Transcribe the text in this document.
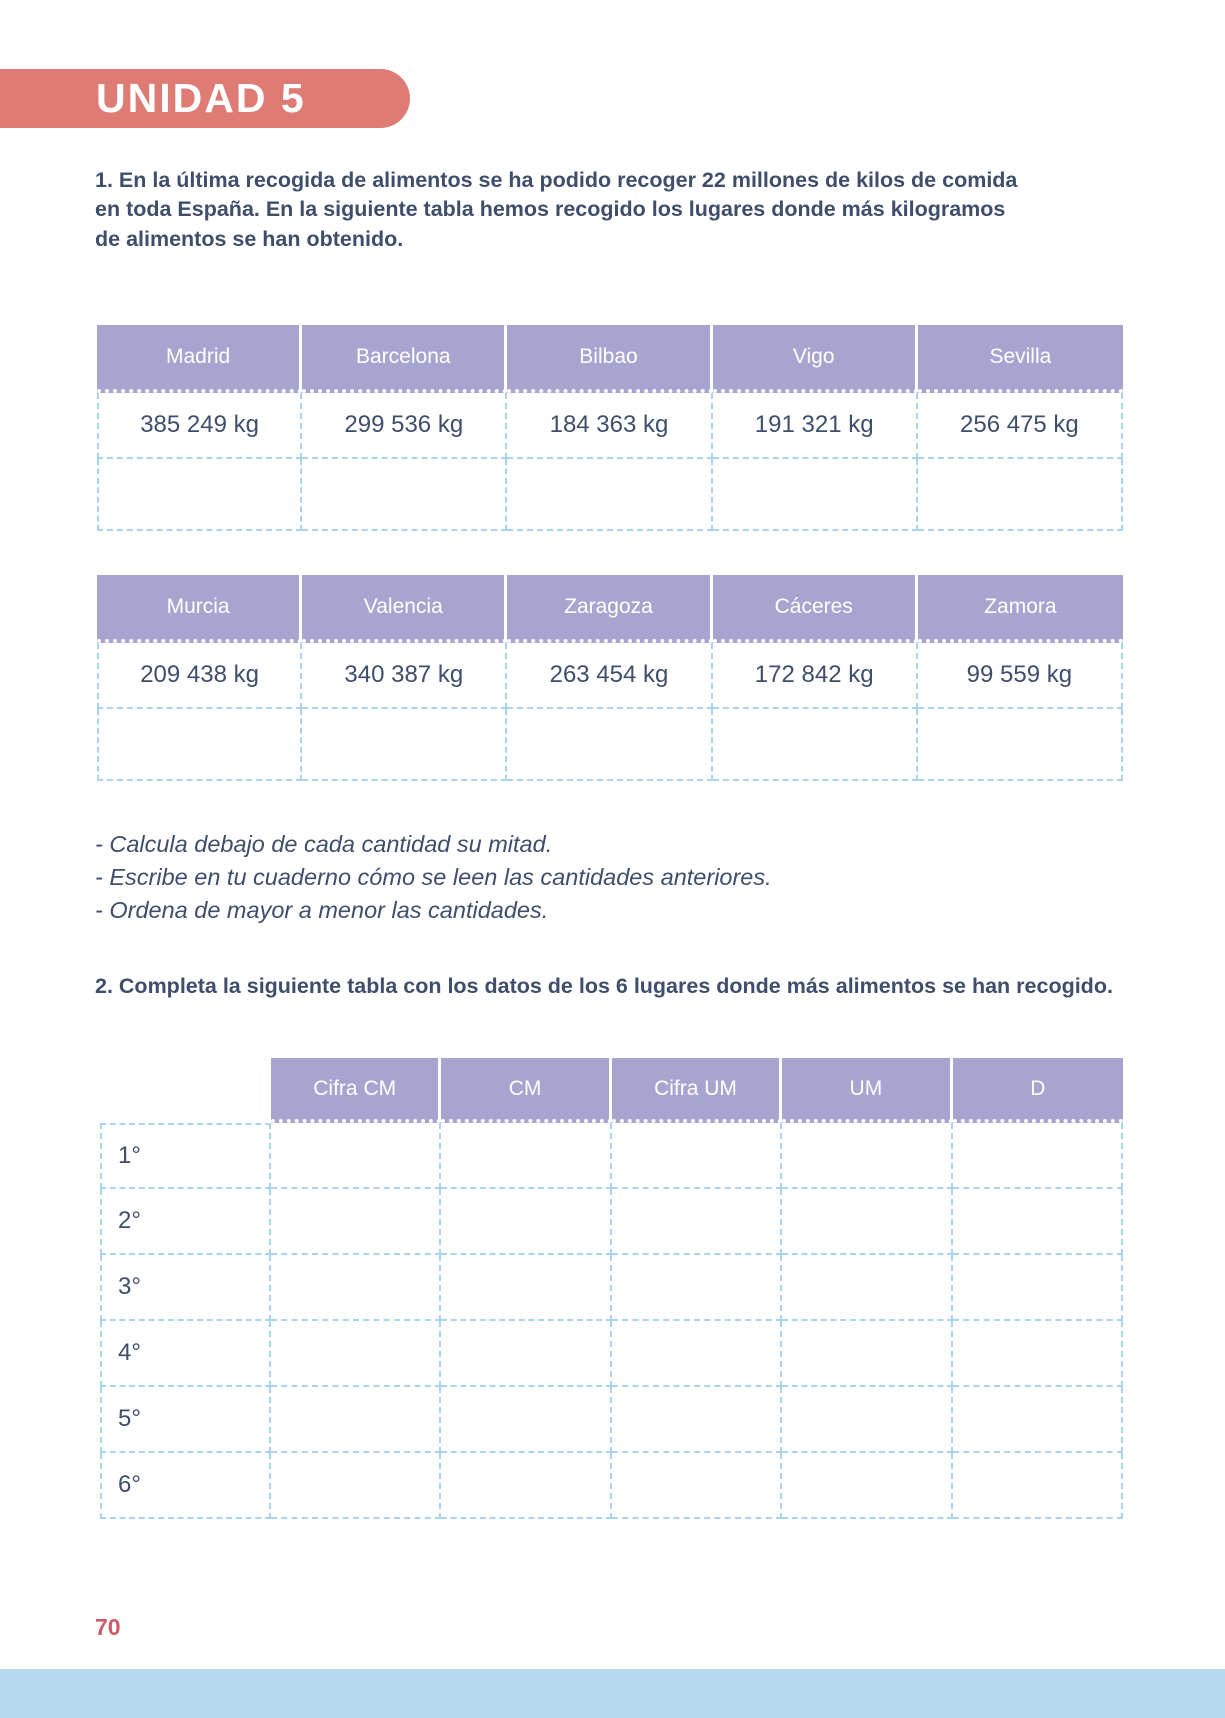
UNIDAD 5
1. En la última recogida de alimentos se ha podido recoger 22 millones de kilos de comida en toda España. En la siguiente tabla hemos recogido los lugares donde más kilogramos de alimentos se han obtenido.
Madrid	Barcelona	Bilbao	Vigo	Sevilla
385 249 kg	299 536 kg	184 363 kg	191 321 kg	256 475 kg
Murcia	Valencia	Zaragoza	Cáceres	Zamora
209 438 kg	340 387 kg	263 454 kg	172 842 kg	99 559 kg
- Calcula debajo de cada cantidad su mitad.
- Escribe en tu cuaderno cómo se leen las cantidades anteriores.
- Ordena de mayor a menor las cantidades.
2. Completa la siguiente tabla con los datos de los 6 lugares donde más alimentos se han recogido.
Cifra CM	CM	Cifra UM	UM	D
1°
2°
3°
4°
5°
6°
70
